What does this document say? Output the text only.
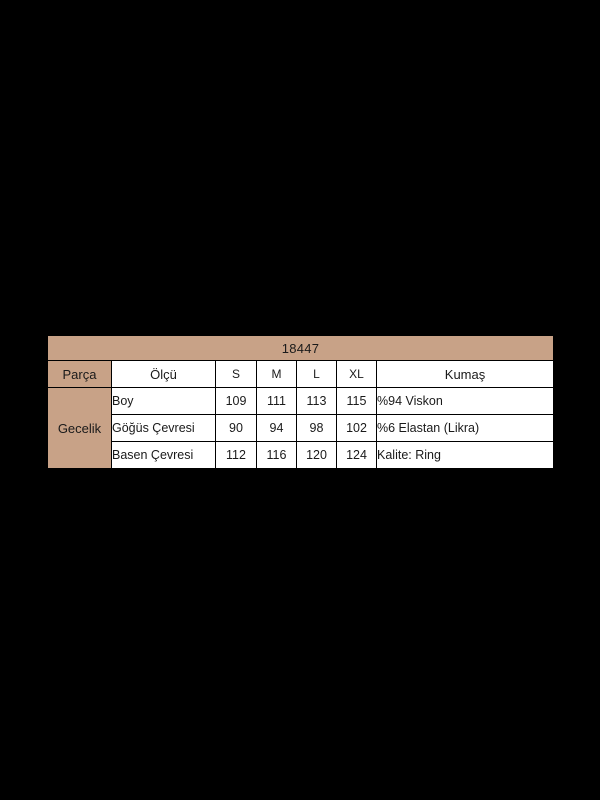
18447						
Parça	Ölçü	S	M	L	XL	Kumaş
Gecelik	Boy	109	111	113	115	%94 Viskon
	Göğüs Çevresi	90	94	98	102	%6 Elastan (Likra)
	Basen Çevresi	112	116	120	124	Kalite: Ring
